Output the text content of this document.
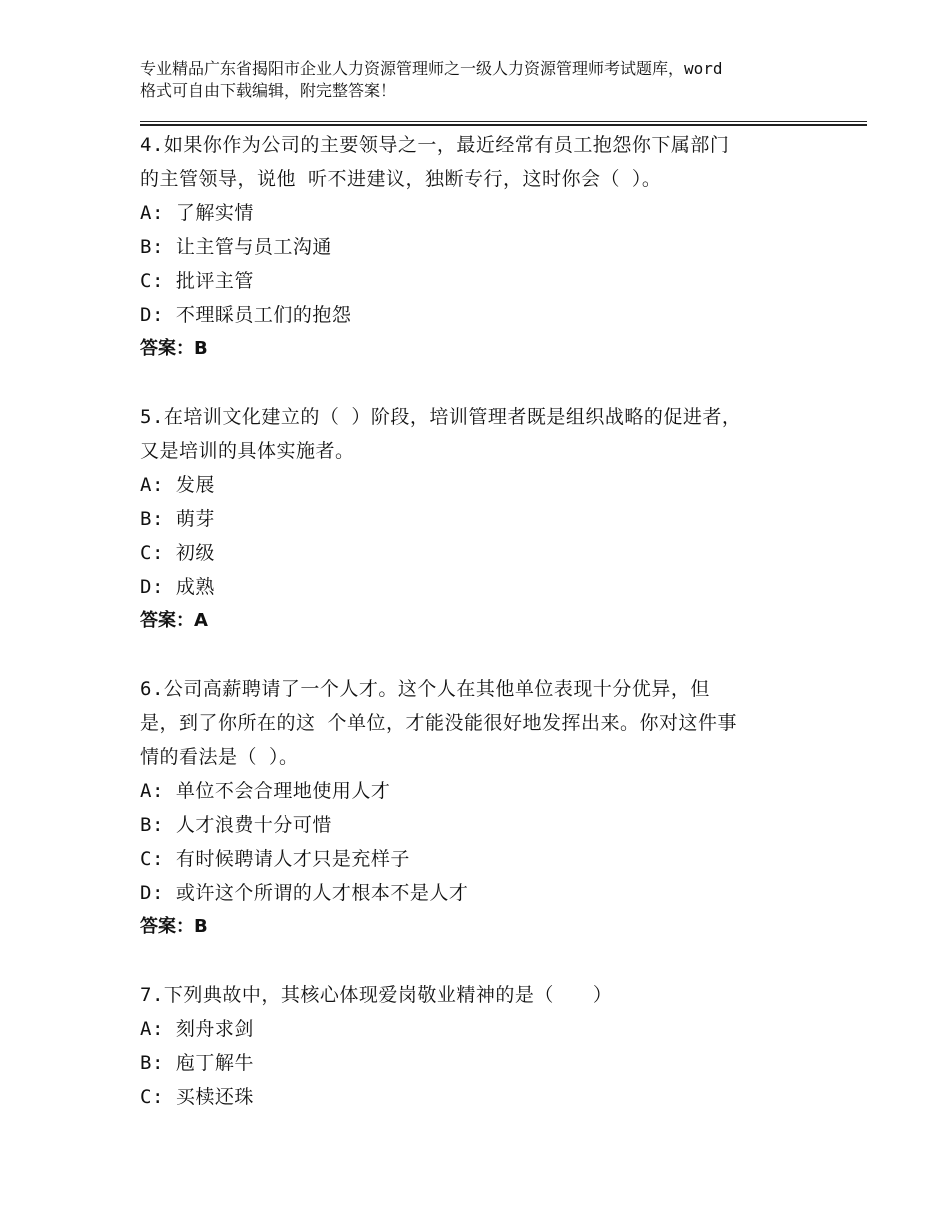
专业精品广东省揭阳市企业人力资源管理师之一级人力资源管理师考试题库，word
格式可自由下载编辑，附完整答案！

4.如果你作为公司的主要领导之一，最近经常有员工抱怨你下属部门

的主管领导，说他 听不进建议，独断专行，这时你会（ ）。

A: 了解实情

B: 让主管与员工沟通

C: 批评主管

D: 不理睬员工们的抱怨

答案：B

5.在培训文化建立的（ ）阶段，培训管理者既是组织战略的促进者，

又是培训的具体实施者。

A: 发展

B: 萌芽

C: 初级

D: 成熟

答案：A

6.公司高薪聘请了一个人才。这个人在其他单位表现十分优异，但

是，到了你所在的这 个单位，才能没能很好地发挥出来。你对这件事

情的看法是（ ）。

A: 单位不会合理地使用人才

B: 人才浪费十分可惜

C: 有时候聘请人才只是充样子

D: 或许这个所谓的人才根本不是人才

答案：B

7.下列典故中，其核心体现爱岗敬业精神的是（　　）

A: 刻舟求剑

B: 庖丁解牛

C: 买椟还珠
